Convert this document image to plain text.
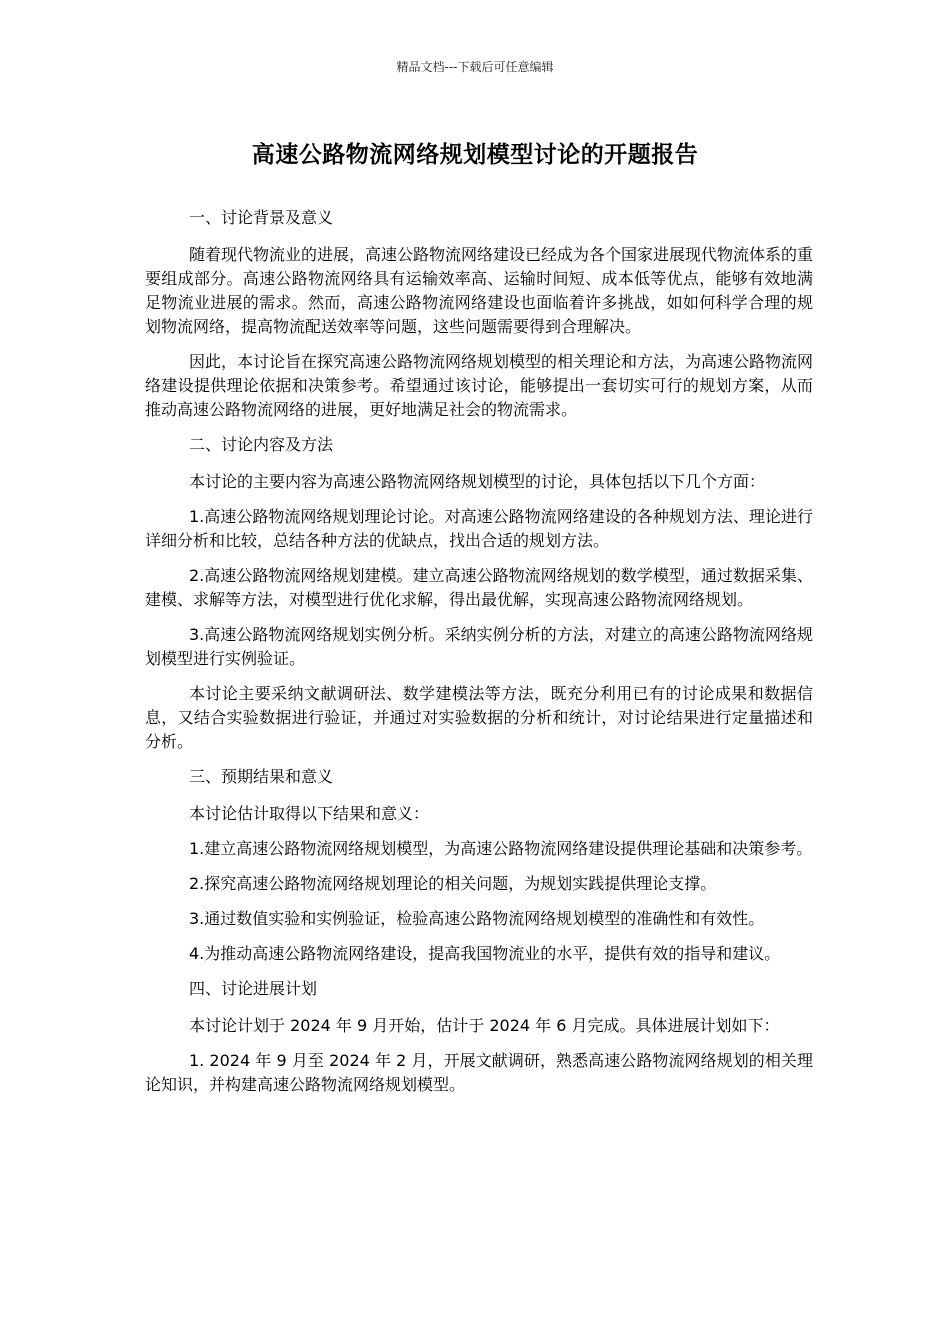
精品文档---下载后可任意编辑
高速公路物流网络规划模型讨论的开题报告

一、讨论背景及意义

随着现代物流业的进展，高速公路物流网络建设已经成为各个国家进展现代物流体系的重要组成部分。高速公路物流网络具有运输效率高、运输时间短、成本低等优点，能够有效地满足物流业进展的需求。然而，高速公路物流网络建设也面临着许多挑战，如如何科学合理的规划物流网络，提高物流配送效率等问题，这些问题需要得到合理解决。

因此，本讨论旨在探究高速公路物流网络规划模型的相关理论和方法，为高速公路物流网络建设提供理论依据和决策参考。希望通过该讨论，能够提出一套切实可行的规划方案，从而推动高速公路物流网络的进展，更好地满足社会的物流需求。

二、讨论内容及方法

本讨论的主要内容为高速公路物流网络规划模型的讨论，具体包括以下几个方面：

1.高速公路物流网络规划理论讨论。对高速公路物流网络建设的各种规划方法、理论进行详细分析和比较，总结各种方法的优缺点，找出合适的规划方法。

2.高速公路物流网络规划建模。建立高速公路物流网络规划的数学模型，通过数据采集、建模、求解等方法，对模型进行优化求解，得出最优解，实现高速公路物流网络规划。

3.高速公路物流网络规划实例分析。采纳实例分析的方法，对建立的高速公路物流网络规划模型进行实例验证。

本讨论主要采纳文献调研法、数学建模法等方法，既充分利用已有的讨论成果和数据信息，又结合实验数据进行验证，并通过对实验数据的分析和统计，对讨论结果进行定量描述和分析。

三、预期结果和意义

本讨论估计取得以下结果和意义：

1.建立高速公路物流网络规划模型，为高速公路物流网络建设提供理论基础和决策参考。

2.探究高速公路物流网络规划理论的相关问题，为规划实践提供理论支撑。

3.通过数值实验和实例验证，检验高速公路物流网络规划模型的准确性和有效性。

4.为推动高速公路物流网络建设，提高我国物流业的水平，提供有效的指导和建议。

四、讨论进展计划

本讨论计划于 2024 年 9 月开始，估计于 2024 年 6 月完成。具体进展计划如下：

1. 2024 年 9 月至 2024 年 2 月，开展文献调研，熟悉高速公路物流网络规划的相关理论知识，并构建高速公路物流网络规划模型。
